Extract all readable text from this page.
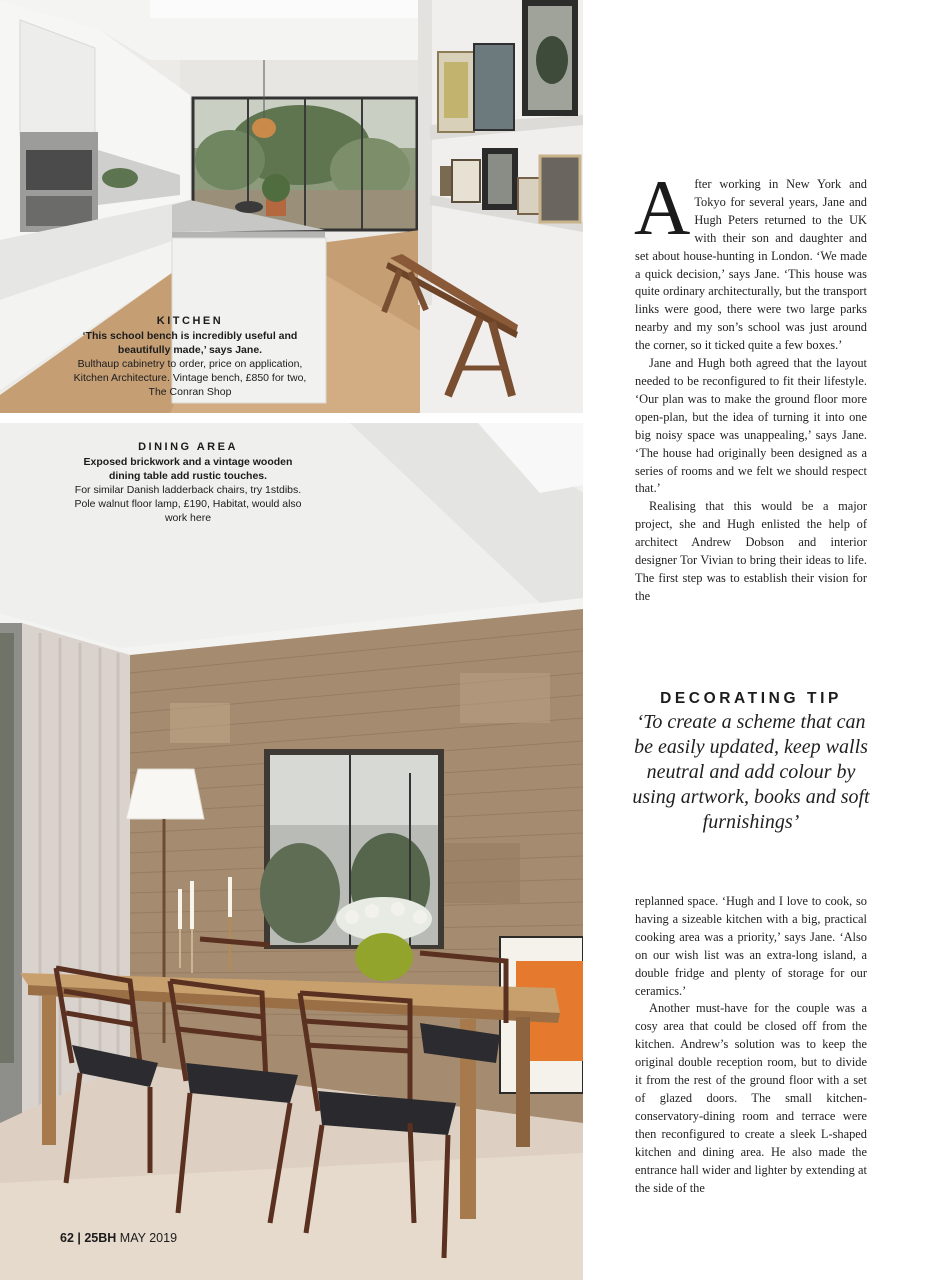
KITCHEN
‘This school bench is incredibly useful and beautifully made,’ says Jane.
Bulthaup cabinetry to order, price on application, Kitchen Architecture. Vintage bench, £850 for two, The Conran Shop
DINING AREA
Exposed brickwork and a vintage wooden dining table add rustic touches.
For similar Danish ladderback chairs, try 1stdibs. Pole walnut floor lamp, £190, Habitat, would also work here

After working in New York and Tokyo for several years, Jane and Hugh Peters returned to the UK with their son and daughter and set about house-hunting in London. ‘We made a quick decision,’ says Jane. ‘This house was quite ordinary architecturally, but the transport links were good, there were two large parks nearby and my son’s school was just around the corner, so it ticked quite a few boxes.’

Jane and Hugh both agreed that the layout needed to be reconfigured to fit their lifestyle. ‘Our plan was to make the ground floor more open-plan, but the idea of turning it into one big noisy space was unappealing,’ says Jane. ‘The house had originally been designed as a series of rooms and we felt we should respect that.’

Realising that this would be a major project, she and Hugh enlisted the help of architect Andrew Dobson and interior designer Tor Vivian to bring their ideas to life. The first step was to establish their vision for the

DECORATING TIP
‘To create a scheme that can be easily updated, keep walls neutral and add colour by using artwork, books and soft furnishings’

replanned space. ‘Hugh and I love to cook, so having a sizeable kitchen with a big, practical cooking area was a priority,’ says Jane. ‘Also on our wish list was an extra-long island, a double fridge and plenty of storage for our ceramics.’

Another must-have for the couple was a cosy area that could be closed off from the kitchen. Andrew’s solution was to keep the original double reception room, but to divide it from the rest of the ground floor with a set of glazed doors. The small kitchen-conservatory-dining room and terrace were then reconfigured to create a sleek L-shaped kitchen and dining area. He also made the entrance hall wider and lighter by extending at the side of the

62 | 25BH MAY 2019
